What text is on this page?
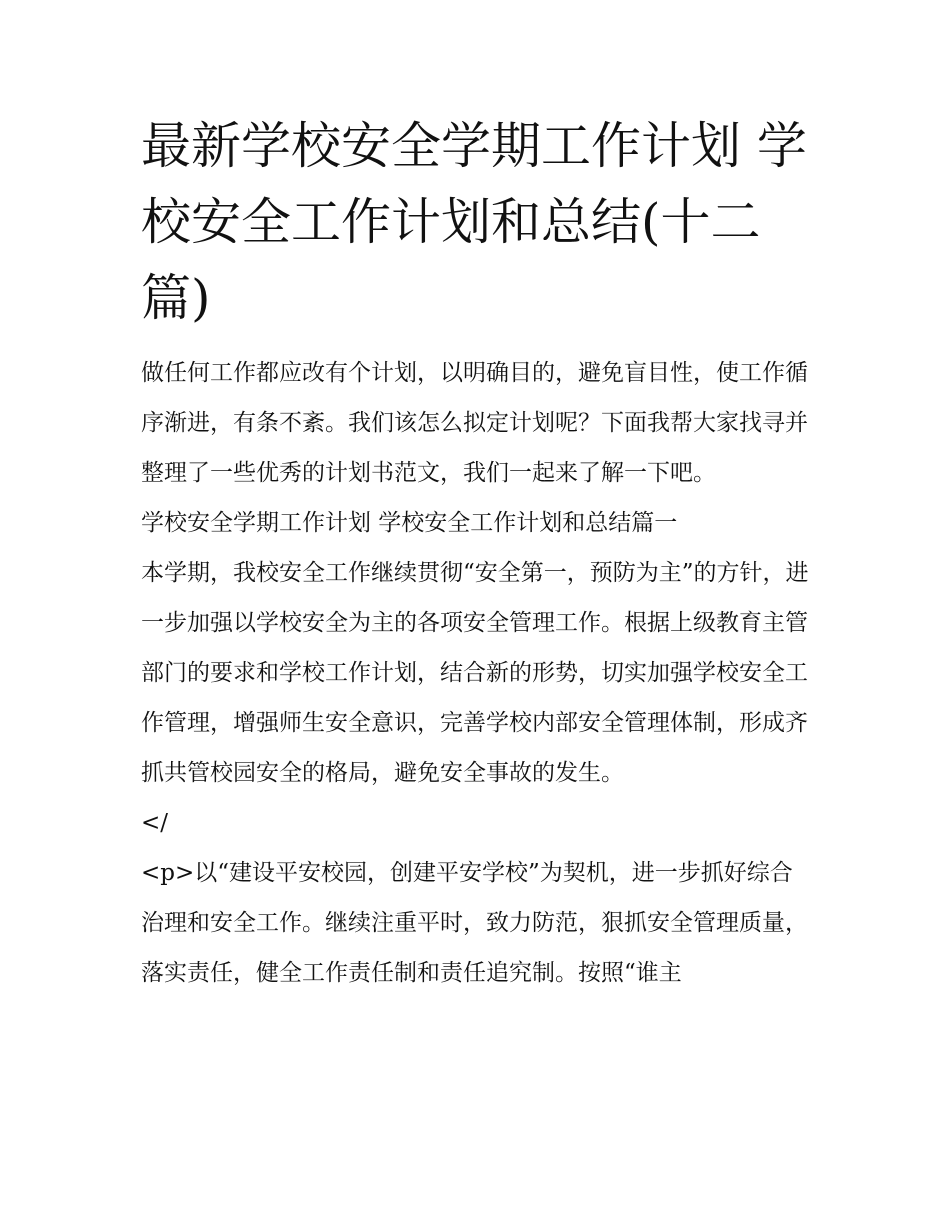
最新学校安全学期工作计划 学校安全工作计划和总结(十二篇)

做任何工作都应改有个计划，以明确目的，避免盲目性，使工作循序渐进，有条不紊。我们该怎么拟定计划呢？下面我帮大家找寻并整理了一些优秀的计划书范文，我们一起来了解一下吧。

学校安全学期工作计划 学校安全工作计划和总结篇一

本学期，我校安全工作继续贯彻“安全第一，预防为主”的方针，进一步加强以学校安全为主的各项安全管理工作。根据上级教育主管部门的要求和学校工作计划，结合新的形势，切实加强学校安全工作管理，增强师生安全意识，完善学校内部安全管理体制，形成齐抓共管校园安全的格局，避免安全事故的发生。

</

<p>以“建设平安校园，创建平安学校”为契机，进一步抓好综合治理和安全工作。继续注重平时，致力防范，狠抓安全管理质量，落实责任，健全工作责任制和责任追究制。按照“谁主
